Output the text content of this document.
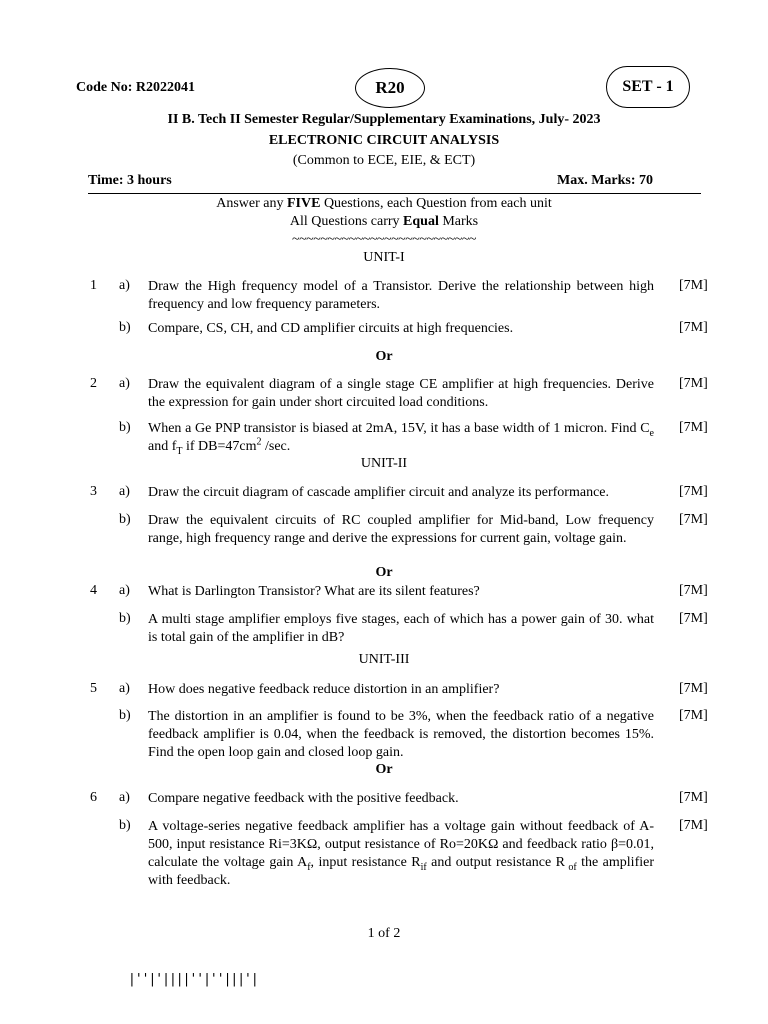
Code No: R2022041	R20	SET - 1
II B. Tech II Semester Regular/Supplementary Examinations, July- 2023
ELECTRONIC CIRCUIT ANALYSIS
(Common to ECE, EIE, & ECT)
Time: 3 hours	Max. Marks: 70
Answer any FIVE Questions, each Question from each unit
All Questions carry Equal Marks
~~~~~~~~~~~~~~~~~~~~~~~~~~
UNIT-I
1 a) Draw the High frequency model of a Transistor. Derive the relationship between high frequency and low frequency parameters.
[7M]
b) Compare, CS, CH, and CD amplifier circuits at high frequencies.	[7M]
Or
2 a) Draw the equivalent diagram of a single stage CE amplifier at high frequencies. Derive the expression for gain under short circuited load conditions.
[7M]
b) When a Ge PNP transistor is biased at 2mA, 15V, it has a base width of 1 micron. Find $C_e$ and $f_T$ if $DB=47cm^2$ /sec.
[7M]
UNIT-II
3 a) Draw the circuit diagram of cascade amplifier circuit and analyze its performance.	[7M]
b) Draw the equivalent circuits of RC coupled amplifier for Mid-band, Low frequency range, high frequency range and derive the expressions for current gain, voltage gain.
[7M]
Or
4 a) What is Darlington Transistor? What are its silent features?	[7M]
b) A multi stage amplifier employs five stages, each of which has a power gain of 30. what is total gain of the amplifier in dB?
[7M]
UNIT-III
5 a) How does negative feedback reduce distortion in an amplifier?	[7M]
b) The distortion in an amplifier is found to be 3%, when the feedback ratio of a negative feedback amplifier is 0.04, when the feedback is removed, the distortion becomes 15%. Find the open loop gain and closed loop gain.
[7M]
Or
6 a) Compare negative feedback with the positive feedback.	[7M]
b) A voltage-series negative feedback amplifier has a voltage gain without feedback of A-500, input resistance Ri=3KΩ, output resistance of Ro=20KΩ and feedback ratio β=0.01, calculate the voltage gain $A_f$, input resistance $R_{if}$ and output resistance R $_{of}$ the amplifier with feedback.
[7M]
1 of 2
|''|'||||''|''|||'|
